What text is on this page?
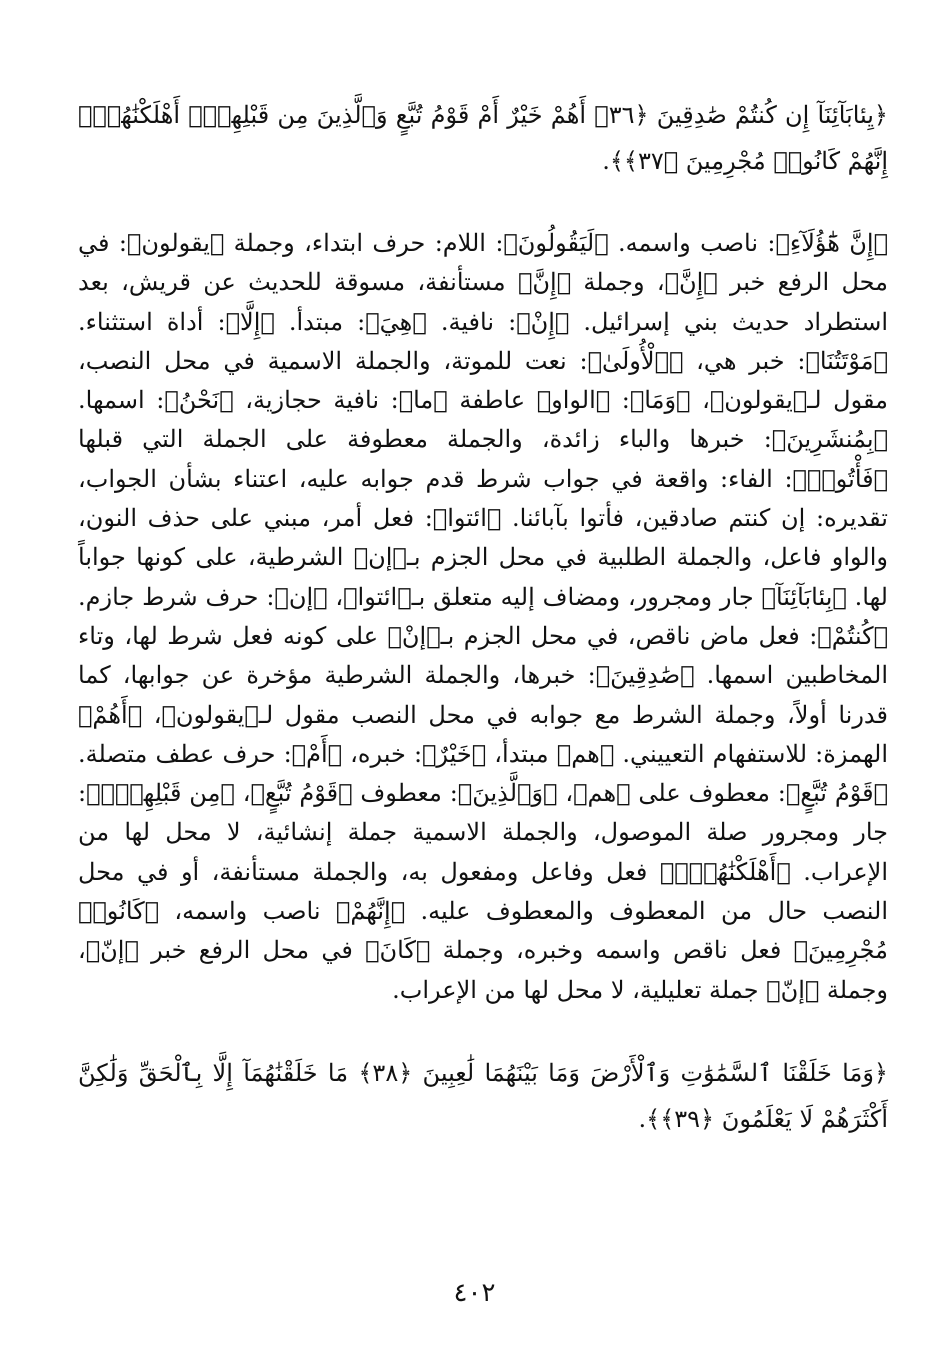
﴿يِئابَآئِنَآ إِن كُنتُمْ صَٰدِقِينَ ﴿٣٦﴾ أَهُمْ خَيْرٌ أَمْ قَوْمُ تُبَّعٍ وَٱلَّذِينَ مِن قَبْلِهِمْۚ أَهْلَكْنَٰهُمْۖ إِنَّهُمْ كَانُوا۟ مُجْرِمِينَ ﴿٣٧﴾﴾.

﴿إِنَّ هَٰٓؤُلَآءِ﴾: ناصب واسمه. ﴿لَيَقُولُونَ﴾: اللام: حرف ابتداء، وجملة ﴿يقولون﴾: في محل الرفع خبر ﴿إِنَّ﴾، وجملة ﴿إِنَّ﴾ مستأنفة، مسوقة للحديث عن قريش، بعد استطراد حديث بني إسرائيل. ﴿إِنْ﴾: نافية. ﴿هِيَ﴾: مبتدأ. ﴿إِلَّا﴾: أداة استثناء. ﴿مَوْتَتُنَا﴾: خبر هي، ﴿ٱلْأُولَىٰ﴾: نعت للموتة، والجملة الاسمية في محل النصب، مقول لـ﴿يقولون﴾، ﴿وَمَا﴾: ﴿الواو﴾ عاطفة ﴿ما﴾: نافية حجازية، ﴿نَحْنُ﴾: اسمها. ﴿بِمُنشَرِينَ﴾: خبرها والباء زائدة، والجملة معطوفة على الجملة التي قبلها ﴿فَأْتُوا۟﴾: الفاء: واقعة في جواب شرط قدم جوابه عليه، اعتناء بشأن الجواب، تقديره: إن كنتم صادقين، فأتوا بآبائنا. ﴿ائتوا﴾: فعل أمر، مبني على حذف النون، والواو فاعل، والجملة الطلبية في محل الجزم بـ﴿إن﴾ الشرطية، على كونها جواباً لها. ﴿بِئابَآئِنَآ﴾ جار ومجرور، ومضاف إليه متعلق بـ﴿ائتوا﴾، ﴿إن﴾: حرف شرط جازم. ﴿كُنتُمْ﴾: فعل ماض ناقص، في محل الجزم بـ﴿إنْ﴾ على كونه فعل شرط لها، وتاء المخاطبين اسمها. ﴿صَٰدِقِينَ﴾: خبرها، والجملة الشرطية مؤخرة عن جوابها، كما قدرنا أولاً، وجملة الشرط مع جوابه في محل النصب مقول لـ﴿يقولون﴾، ﴿أَهُمْ﴾ الهمزة: للاستفهام التعييني. ﴿هم﴾ مبتدأ، ﴿خَيْرٌ﴾: خبره، ﴿أَمْ﴾: حرف عطف متصلة. ﴿قَوْمُ تُبَّعٍ﴾: معطوف على ﴿هم﴾، ﴿وَٱلَّذِينَ﴾: معطوف ﴿قَوْمُ تُبَّعٍ﴾، ﴿مِن قَبْلِهِمْۚ﴾: جار ومجرور صلة الموصول، والجملة الاسمية جملة إنشائية، لا محل لها من الإعراب. ﴿أَهْلَكْنَٰهُمْۖ﴾ فعل وفاعل ومفعول به، والجملة مستأنفة، أو في محل النصب حال من المعطوف والمعطوف عليه. ﴿إِنَّهُمْ﴾ ناصب واسمه، ﴿كَانُوا۟ مُجْرِمِينَ﴾ فعل ناقص واسمه وخبره، وجملة ﴿كَانَ﴾ في محل الرفع خبر ﴿إنّ﴾، وجملة ﴿إنّ﴾ جملة تعليلية، لا محل لها من الإعراب.

﴿وَمَا خَلَقْنَا ٱلسَّمَٰوَٰتِ وَٱلْأَرْضَ وَمَا بَيْنَهُمَا لَٰعِبِينَ ﴿٣٨﴾ مَا خَلَقْنَٰهُمَآ إِلَّا بِٱلْحَقِّ وَلَٰكِنَّ أَكْثَرَهُمْ لَا يَعْلَمُونَ ﴿٣٩﴾﴾.

٤٠٢
